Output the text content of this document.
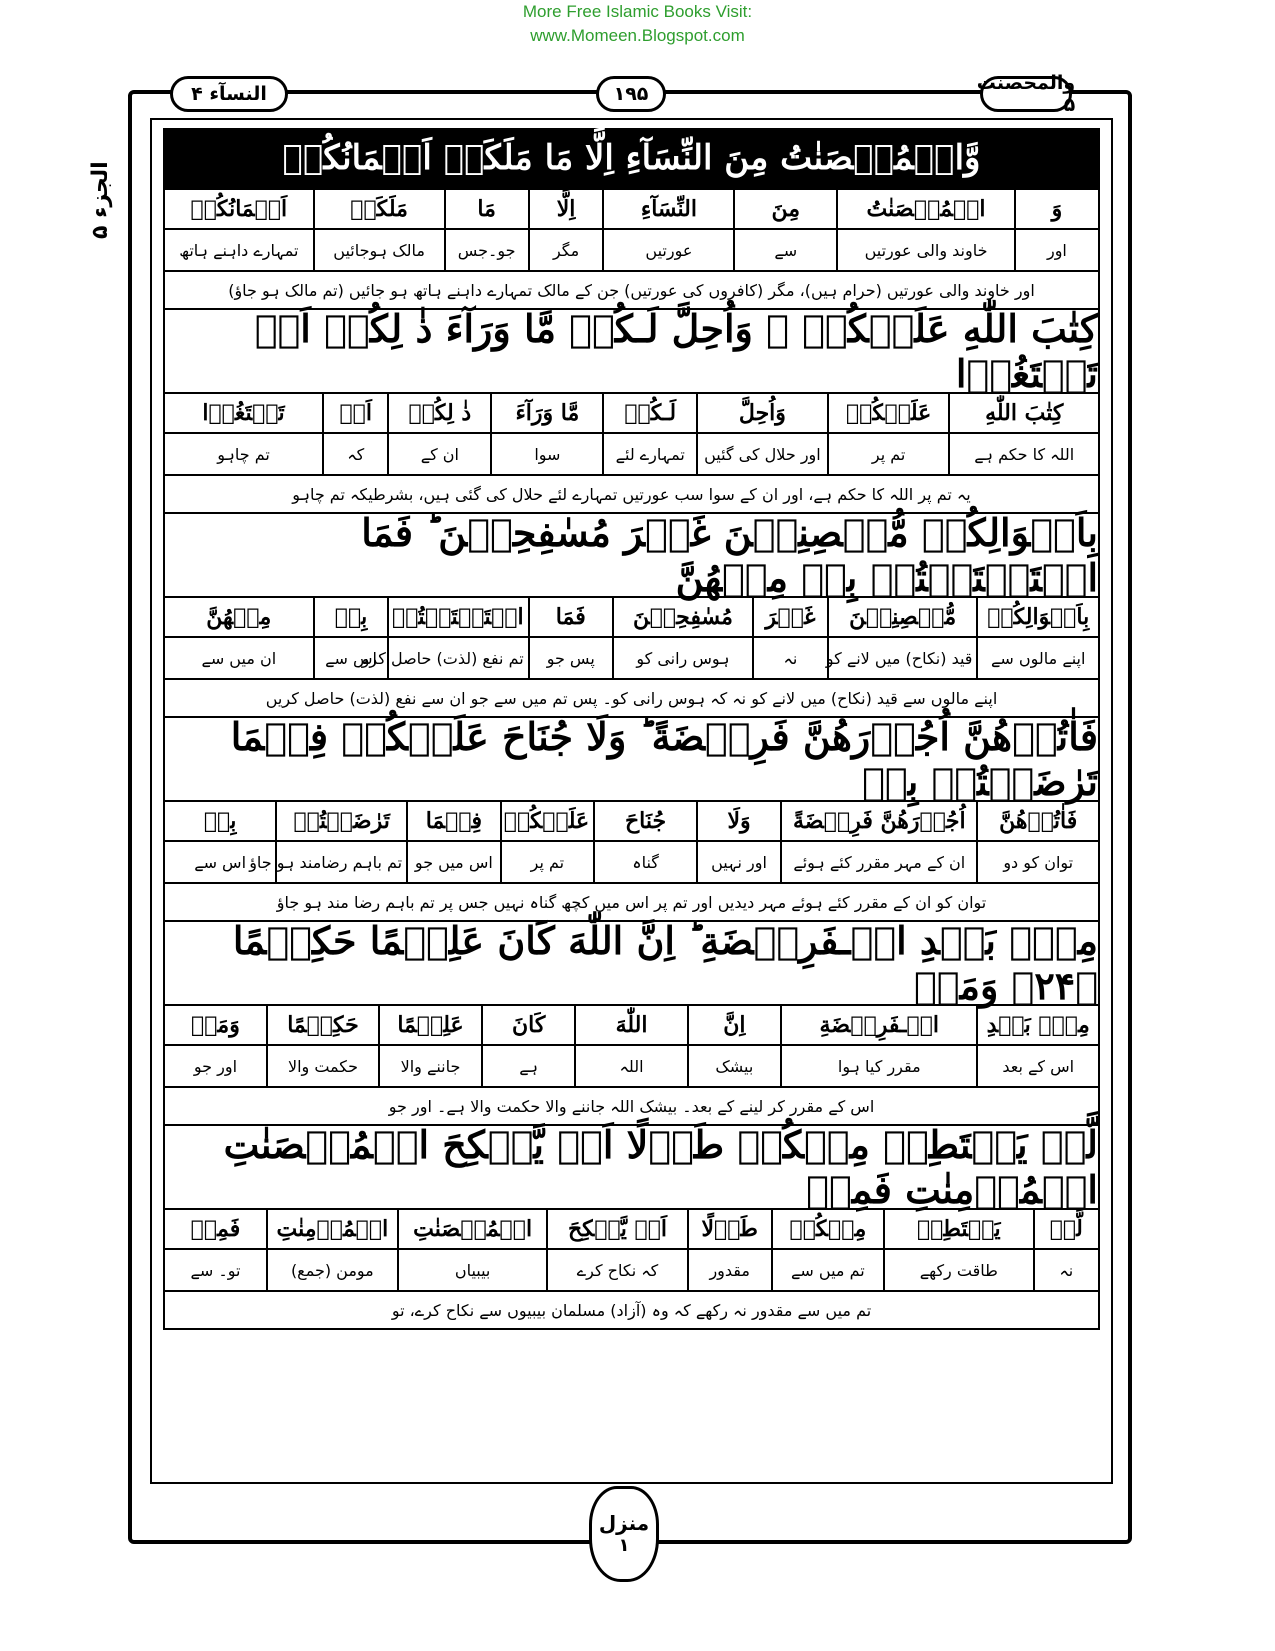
More Free Islamic Books Visit:
www.Momeen.Blogspot.com
النسآء ۴	۱۹۵	والمحصنت ۵
الجزء ۵
وَّالۡمُحۡصَنٰتُ مِنَ النِّسَآءِ اِلَّا مَا مَلَكَتۡ اَيۡمَانُكُمۡ
وَ	الۡمُحۡصَنٰتُ	مِنَ	النِّسَآءِ	اِلَّا	مَا	مَلَكَتۡ	اَيۡمَانُكُمۡ
اور	خاوند والی عورتیں	سے	عورتیں	مگر	جو۔جس	مالک ہوجائیں	تمہارے داہنے ہاتھ
اور خاوند والی عورتیں (حرام ہیں)، مگر (کافروں کی عورتیں) جن کے مالک تمہارے داہنے ہاتھ ہو جائیں (تم مالک ہو جاؤ)
كِتٰبَ اللّٰهِ عَلَيۡكُمۡ ۚ وَاُحِلَّ لَـكُمۡ مَّا وَرَآءَ ذٰ لِكُمۡ اَنۡ تَبۡتَغُوۡا
كِتٰبَ اللّٰهِ	عَلَيۡكُمۡ	وَاُحِلَّ	لَـكُمۡ	مَّا وَرَآءَ	ذٰ لِكُمۡ	اَنۡ	تَبۡتَغُوۡا
اللہ کا حکم ہے	تم پر	اور حلال کی گئیں	تمہارے لئے	سوا	ان کے	کہ	تم چاہو
یہ تم پر اللہ کا حکم ہے، اور ان کے سوا سب عورتیں تمہارے لئے حلال کی گئی ہیں، بشرطیکہ تم چاہو
بِاَمۡوَالِكُمۡ مُّحۡصِنِيۡنَ غَيۡرَ مُسٰفِحِيۡنَ ؕ فَمَا اسۡتَمۡتَعۡتُمۡ بِهٖ مِنۡهُنَّ
بِاَمۡوَالِكُمۡ	مُّحۡصِنِيۡنَ	غَيۡرَ	مُسٰفِحِيۡنَ	فَمَا	اسۡتَمۡتَعۡتُمۡ	بِهٖ	مِنۡهُنَّ
اپنے مالوں سے	قید (نکاح) میں لانے کو	نہ	ہوس رانی کو	پس جو	تم نفع (لذت) حاصل کرو	اس سے	ان میں سے
اپنے مالوں سے قید (نکاح) میں لانے کو نہ کہ ہوس رانی کو۔ پس تم میں سے جو ان سے نفع (لذت) حاصل کریں
فَاٰتُوۡهُنَّ اُجُوۡرَهُنَّ فَرِيۡضَةً ؕ وَلَا جُنَاحَ عَلَيۡكُمۡ فِيۡمَا تَرٰضَيۡتُمۡ بِهٖ
فَاٰتُوۡهُنَّ	اُجُوۡرَهُنَّ فَرِيۡضَةً	وَلَا	جُنَاحَ	عَلَيۡكُمۡ	فِيۡمَا	تَرٰضَيۡتُمۡ	بِهٖ
توان کو دو	ان کے مہر مقرر کئے ہوئے	اور نہیں	گناہ	تم پر	اس میں جو	تم باہم رضامند ہو جاؤ	اس سے
توان کو ان کے مقرر کئے ہوئے مہر دیدیں اور تم پر اس میں کچھ گناہ نہیں جس پر تم باہم رضا مند ہو جاؤ
مِنۡۢ بَعۡدِ الۡـفَرِيۡضَةِ ؕ اِنَّ اللّٰهَ كَانَ عَلِيۡمًا حَكِيۡمًا ﴿۲۴﴾ وَمَنۡ
مِنۡۢ بَعۡدِ	الۡـفَرِيۡضَةِ	اِنَّ	اللّٰهَ	كَانَ	عَلِيۡمًا	حَكِيۡمًا	وَمَنۡ
اس کے بعد	مقرر کیا ہوا	بیشک	اللہ	ہے	جاننے والا	حکمت والا	اور جو
اس کے مقرر کر لینے کے بعد۔ بیشک اللہ جاننے والا حکمت والا ہے۔ اور جو
لَّمۡ يَسۡتَطِعۡ مِنۡكُمۡ طَوۡلًا اَنۡ يَّنۡكِحَ الۡمُحۡصَنٰتِ الۡمُؤۡمِنٰتِ فَمِنۡ
لَّمۡ	يَسۡتَطِعۡ	مِنۡكُمۡ	طَوۡلًا	اَنۡ يَّنۡكِحَ	الۡمُحۡصَنٰتِ	الۡمُؤۡمِنٰتِ	فَمِنۡ
نہ	طاقت رکھے	تم میں سے	مقدور	کہ نکاح کرے	بیبیاں	مومن (جمع)	تو۔ سے
تم میں سے مقدور نہ رکھے کہ وہ (آزاد) مسلمان بیبیوں سے نکاح کرے، تو
منزل
۱
